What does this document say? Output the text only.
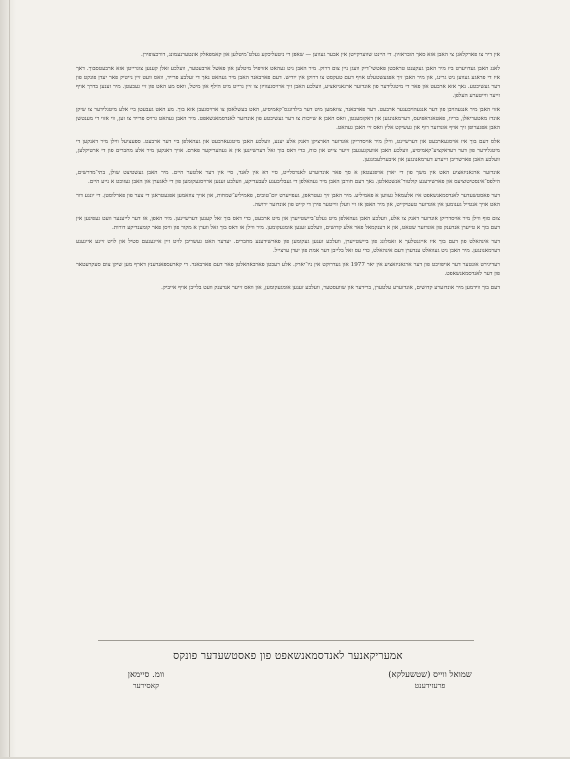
אין דיר צו פארקלאגן צי האבן אזא סאך הובראזיון. די היינט שווערקייטן אין אבער געווען — שאפן די ניטעליכקע געלט־מיטלען און קאמפאלק אונטערנעמונג, דורכצופירן.

לאנג האבן געדויערט ביז מיר האבן געקענט טראכטן פאטשי־דיק וועגן ניין צום דרוק. מיר האבן ניט געהאט אזויפיל מיטלען און פאשל ארבעטער, וועלכע זאלן קענען צוגרייטן אזא ארבעטסבוך. דאך איז די פראגע געווען ניט גרינג, און מיר האבן זיך אפגעשטעלט אויף דעם טעקסט צו דרוקן אין ייִדיש. דעם פארבאנד האבן מיר געהאט נאך די זעלבע פרייד, וואס וועט זיין נייטיק פאר יעדן פונקט פון דער געשיכטע. נאך אזא ארבעט און פאר די מיטגלידער פון אונדזער ארגאניזאציע, וועלכע האבן זיך ארויסגעוויזן צו זיין גרייט מיט הילף און מיטל, וואס מע האט פון זיי געבעטן. מיר זענען בדרך אויף זייער ווייטערע העלפן.

אזוי האבן מיר אנגעהויבן פון דער אנגעהויבענער ארבעט. דער פארבאנד, צוזאמען מיט דער בילדונגס־קאמיסיע, האט בעשלאסן צו ארויסגעבן אזא בוך. מע האט געבעטן ביי אלע מיטגלידער צו שיקן אונדז מאטעריאלן, בריוו, פאטאגראפיעס, דערמאנונגען און דאקומענטן, וואס האבן א שייכות צו דער געשיכטע פון אונדזער לאנדסמאנשאפט. מיר האבן געהאט גרויס פרייד צו זען, ווי אזוי די מענטשן האבן אפגערופן זיך אויף אונדזער רוף און געשיקט אלץ וואס זיי האבן געהאט.

אלס דעם בוך איז אויסגעארבעט און דערשיינט, ווילן מיר אויסדריקן אונדזער הארציקן דאנק אלע יענע, וועלכע האבן מיטגעארבעט און געהאלפן ביי דער ארבעט. ספעציעל ווילן מיר דאנקען די מיטגלידער פון דער רעדאקציע־קאמיסיע, וועלכע האבן אוועקגעגעבן זייער צייט און כוח, כדי דאס בוך זאל דערשיינען אין א געהעריקער פארם. אויך דאנקען מיר אלע מחברים פון די ארטיקלען, וועלכע האבן פארשריבן זייערע דערמאנונגען און איבערלעבונגען.

אונדזער ארגאניזאציע האט אין משך פון די יארן אויפגעטאן א סך פאר אונדזערע לאנדסלייט, סיי דא אין לאנד, סיי אין דער אלטער היים. מיר האבן געשטיצט שולן, בתי־מדרשים, הילפס־אינסטיטוציעס און פארשידענע קולטור־אנשטאלטן. נאך דעם חורבן האבן מיר געהאלפן די געבליבענע לעבעדיקע, וועלכע זענען ארויסגעקומען פון די לאגערן און האבן געזוכט א נייע היים.

דער פאסטשעדער לאנדסמאנשאפט איז אלעמאל געווען א פאמיליע. מיר האבן זיך געטראפן, געפייערט יום־טובים, פאמיליע־שמחות, און אויך צוזאמען אפגעטראגן די צער פון פארלוסטן. די יונגע דור האט אויך אנטייל גענומען אין אונדזער טעטיקייט, און מיר האפן אז זיי וועלן ווייטער פירן די קייט פון אונדזער ירושה.

צום סוף ווילן מיר אויסדריקן אונדזער דאנק צו אלע, וועלכע האבן געהאלפן מיט געלט־ביישטייערן און מיט ארבעט, כדי דאס בוך זאל קענען דערשיינען. מיר האפן, אז דער לייענער וועט געפינען אין דעם בוך א טייערן אנדענק פון אונדזער שטאט, און א דענקמאל פאר אלע קדושים, וועלכע זענען אומגעקומען. מיר ווילן אז דאס בוך זאל ווערן א מקור פון וויסן פאר קומענדיקע דורות.

דער אינהאלט פון דעם בוך איז אייגנטלעך א זאמלונג פון ביישטייערן, וועלכע זענען געקומען פון פארשידענע מחברים. יעדער האט געשריבן לויט זיין אייגענעם סטיל און לויט זיינע אייגענע דערמאנונגען. מיר האבן ניט געוואלט ענדערן דעם אינהאלט, כדי עס זאל בלייבן דער אמת פון יעדן ערצייל.

רעדיגירט אונטער דער אויפזיכט פון דער ארגאניזאציע אין יאר 1977 און געדרוקט אין ניו־יארק. אלע רעכטן פארבאהאלטן פאר דעם פארבאנד. די קארעספאנדענץ דארף מען שיקן צום סעקרעטאר פון דער לאנדסמאנשאפט.

דעם בוך ווידמען מיר אונדזערע קדושים, אונדזערע עלטערן, ברידער און שוועסטער, וועלכע זענען אומגעקומען, און וואס זייער אנדענק וועט בלייבן אויף אייביק.

אמעריקאנער לאנדסמאנשאפט פון פאסטשעדער פונקס
שמואל ווייס (שטשעלקא)
פרעזידענט
וומ. סיימאן
קאסירער
